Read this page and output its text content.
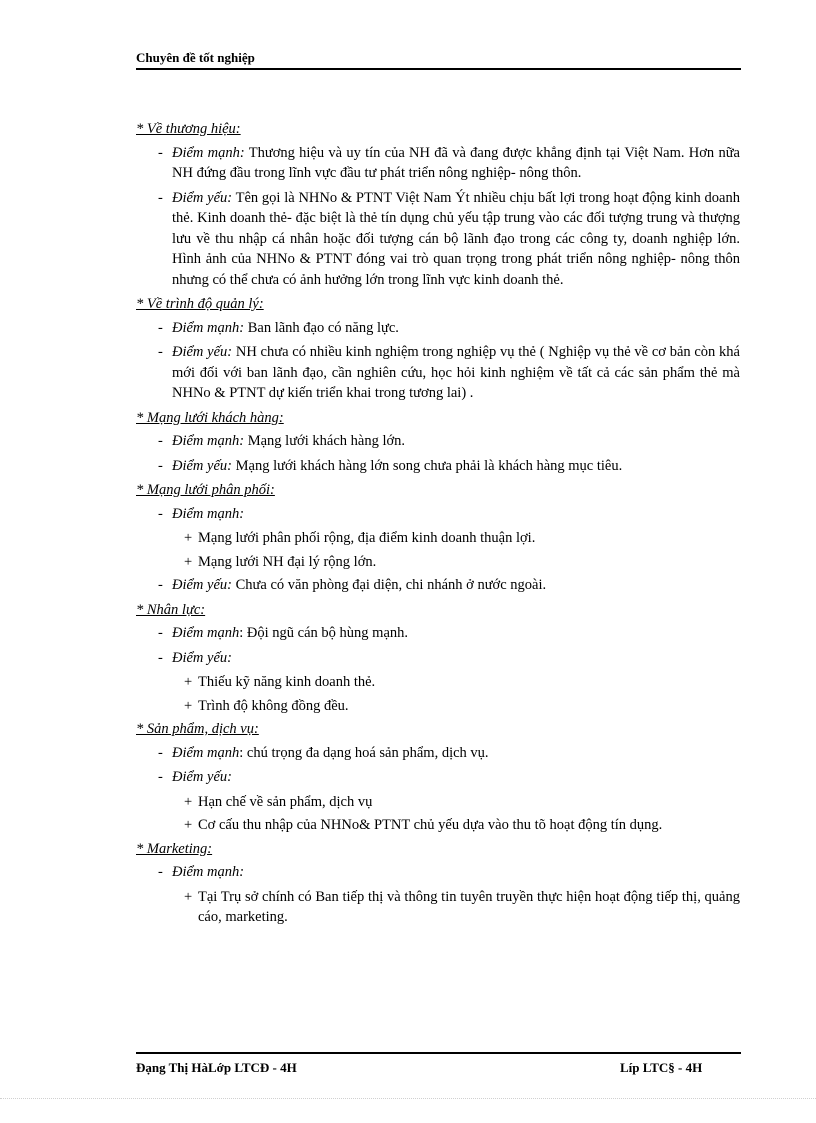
Chuyên đề tốt nghiệp
* Về thương hiệu:
- Điểm mạnh: Thương hiệu và uy tín của NH đã và đang được khẳng định tại Việt Nam. Hơn nữa NH đứng đầu trong lĩnh vực đầu tư phát triển nông nghiệp- nông thôn.
- Điểm yếu: Tên gọi là NHNo & PTNT Việt Nam Ýt nhiều chịu bất lợi trong hoạt động kinh doanh thẻ. Kinh doanh thẻ- đặc biệt là thẻ tín dụng chủ yếu tập trung vào các đối tượng trung và thượng lưu về thu nhập cá nhân hoặc đối tượng cán bộ lãnh đạo trong các công ty, doanh nghiệp lớn. Hình ảnh của NHNo & PTNT đóng vai trò quan trọng trong phát triển nông nghiệp- nông thôn nhưng có thể chưa có ảnh hưởng lớn trong lĩnh vực kinh doanh thẻ.
* Về trình độ quản lý:
- Điểm mạnh: Ban lãnh đạo có năng lực.
- Điểm yếu: NH chưa có nhiều kinh nghiệm trong nghiệp vụ thẻ ( Nghiệp vụ thẻ về cơ bản còn khá mới đối với ban lãnh đạo, cần nghiên cứu, học hỏi kinh nghiệm về tất cả các sản phẩm thẻ mà NHNo & PTNT dự kiến triển khai trong tương lai) .
* Mạng lưới khách hàng:
- Điểm mạnh: Mạng lưới khách hàng lớn.
- Điểm yếu: Mạng lưới khách hàng lớn song chưa phải là khách hàng mục tiêu.
* Mạng lưới phân phối:
- Điểm mạnh:
+ Mạng lưới phân phối rộng, địa điểm kinh doanh thuận lợi.
+ Mạng lưới NH đại lý rộng lớn.
- Điểm yếu: Chưa có văn phòng đại diện, chi nhánh ở nước ngoài.
* Nhân lực:
- Điểm mạnh: Đội ngũ cán bộ hùng mạnh.
- Điểm yếu:
+ Thiếu kỹ năng kinh doanh thẻ.
+ Trình độ không đồng đều.
* Sản phẩm, dịch vụ:
- Điểm mạnh: chú trọng đa dạng hoá sản phẩm, dịch vụ.
- Điểm yếu:
+ Hạn chế về sản phẩm, dịch vụ
+ Cơ cấu thu nhập của NHNo& PTNT chủ yếu dựa vào thu tõ hoạt động tín dụng.
* Marketing:
- Điểm mạnh:
+ Tại Trụ sở chính có Ban tiếp thị và thông tin tuyên truyền thực hiện hoạt động tiếp thị, quảng cáo, marketing.
Đạng Thị HàLớp LTCĐ - 4H	Líp LTC§ - 4H
